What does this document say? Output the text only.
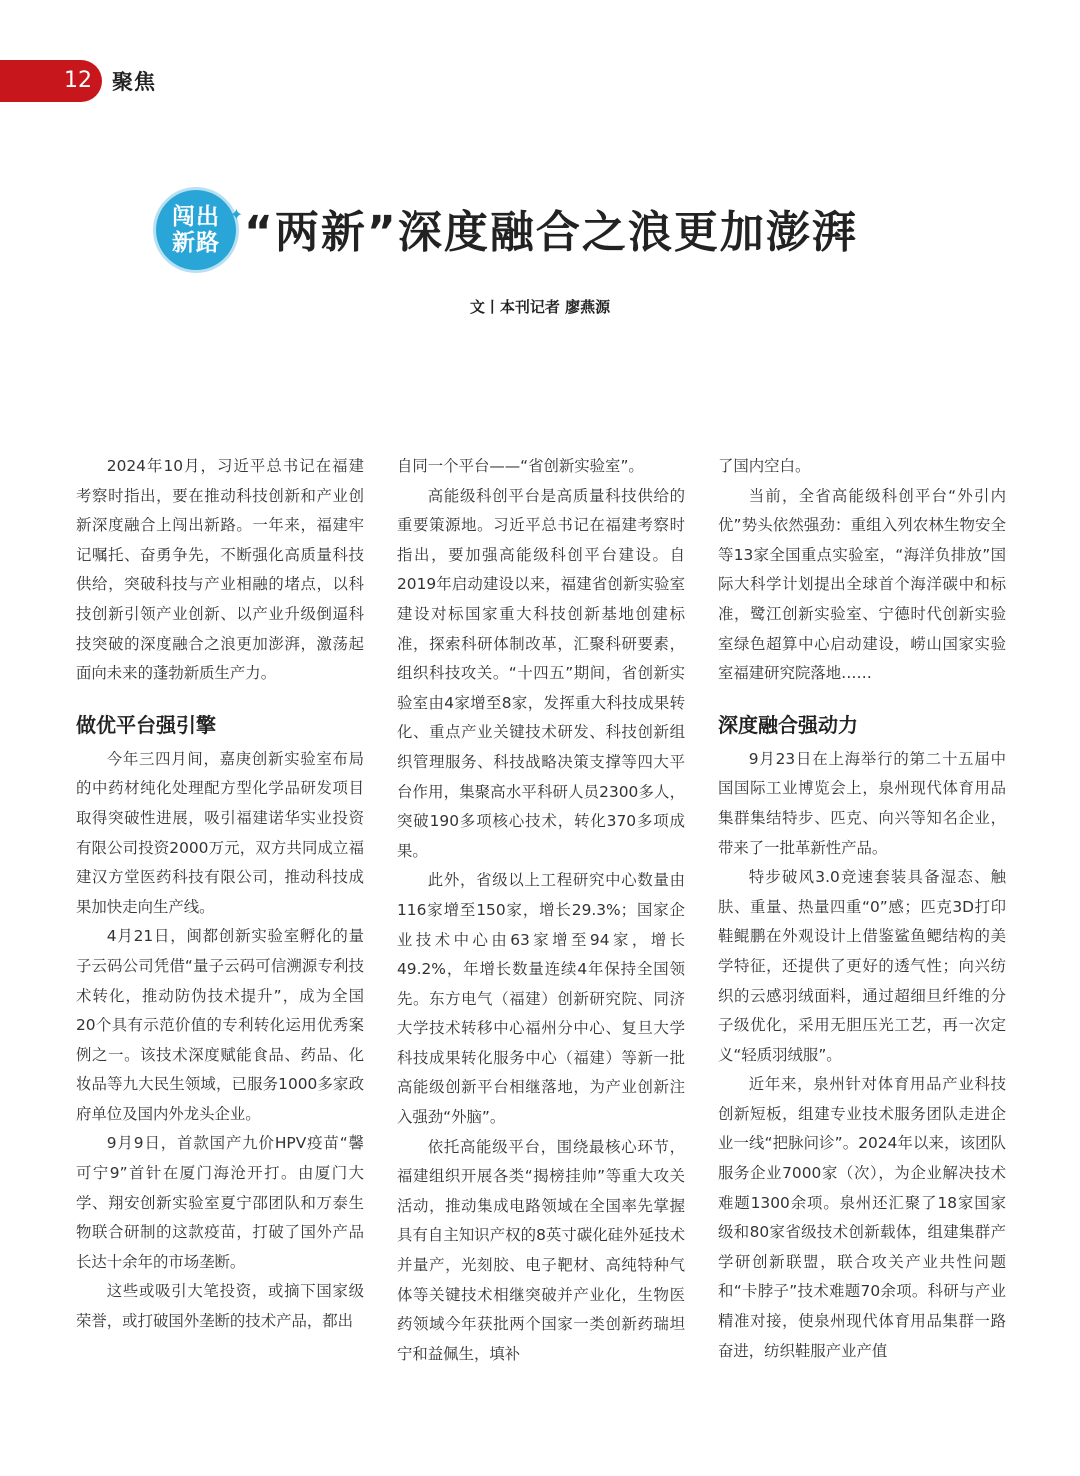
12 聚焦
闯出
新路
✦ “两新”深度融合之浪更加澎湃
文丨本刊记者 廖燕源

2024年10月，习近平总书记在福建考察时指出，要在推动科技创新和产业创新深度融合上闯出新路。一年来，福建牢记嘱托、奋勇争先，不断强化高质量科技供给，突破科技与产业相融的堵点，以科技创新引领产业创新、以产业升级倒逼科技突破的深度融合之浪更加澎湃，激荡起面向未来的蓬勃新质生产力。

做优平台强引擎

今年三四月间，嘉庚创新实验室布局的中药材纯化处理配方型化学品研发项目取得突破性进展，吸引福建诺华实业投资有限公司投资2000万元，双方共同成立福建汉方堂医药科技有限公司，推动科技成果加快走向生产线。

4月21日，闽都创新实验室孵化的量子云码公司凭借“量子云码可信溯源专利技术转化，推动防伪技术提升”，成为全国20个具有示范价值的专利转化运用优秀案例之一。该技术深度赋能食品、药品、化妆品等九大民生领域，已服务1000多家政府单位及国内外龙头企业。

9月9日，首款国产九价HPV疫苗“馨可宁9”首针在厦门海沧开打。由厦门大学、翔安创新实验室夏宁邵团队和万泰生物联合研制的这款疫苗，打破了国外产品长达十余年的市场垄断。

这些或吸引大笔投资，或摘下国家级荣誉，或打破国外垄断的技术产品，都出

自同一个平台——“省创新实验室”。

高能级科创平台是高质量科技供给的重要策源地。习近平总书记在福建考察时指出，要加强高能级科创平台建设。自2019年启动建设以来，福建省创新实验室建设对标国家重大科技创新基地创建标准，探索科研体制改革，汇聚科研要素，组织科技攻关。“十四五”期间，省创新实验室由4家增至8家，发挥重大科技成果转化、重点产业关键技术研发、科技创新组织管理服务、科技战略决策支撑等四大平台作用，集聚高水平科研人员2300多人，突破190多项核心技术，转化370多项成果。

此外，省级以上工程研究中心数量由116家增至150家，增长29.3%；国家企业技术中心由63家增至94家，增长49.2%，年增长数量连续4年保持全国领先。东方电气（福建）创新研究院、同济大学技术转移中心福州分中心、复旦大学科技成果转化服务中心（福建）等新一批高能级创新平台相继落地，为产业创新注入强劲“外脑”。

依托高能级平台，围绕最核心环节，福建组织开展各类“揭榜挂帅”等重大攻关活动，推动集成电路领域在全国率先掌握具有自主知识产权的8英寸碳化硅外延技术并量产，光刻胶、电子靶材、高纯特种气体等关键技术相继突破并产业化，生物医药领域今年获批两个国家一类创新药瑞坦宁和益佩生，填补

了国内空白。

当前，全省高能级科创平台“外引内优”势头依然强劲：重组入列农林生物安全等13家全国重点实验室，“海洋负排放”国际大科学计划提出全球首个海洋碳中和标准，鹭江创新实验室、宁德时代创新实验室绿色超算中心启动建设，崂山国家实验室福建研究院落地……

深度融合强动力

9月23日在上海举行的第二十五届中国国际工业博览会上，泉州现代体育用品集群集结特步、匹克、向兴等知名企业，带来了一批革新性产品。

特步破风3.0竞速套装具备湿态、触肤、重量、热量四重“0”感；匹克3D打印鞋鲲鹏在外观设计上借鉴鲨鱼鳃结构的美学特征，还提供了更好的透气性；向兴纺织的云感羽绒面料，通过超细旦纤维的分子级优化，采用无胆压光工艺，再一次定义“轻质羽绒服”。

近年来，泉州针对体育用品产业科技创新短板，组建专业技术服务团队走进企业一线“把脉问诊”。2024年以来，该团队服务企业7000家（次），为企业解决技术难题1300余项。泉州还汇聚了18家国家级和80家省级技术创新载体，组建集群产学研创新联盟，联合攻关产业共性问题和“卡脖子”技术难题70余项。科研与产业精准对接，使泉州现代体育用品集群一路奋进，纺织鞋服产业产值
